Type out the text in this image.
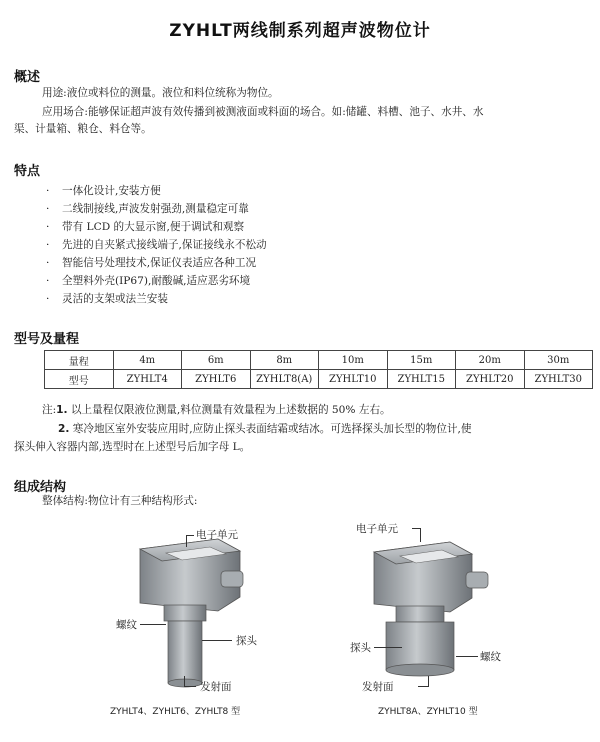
ZYHLT两线制系列超声波物位计
概述
用途:液位或料位的测量。液位和料位统称为物位。
应用场合:能够保证超声波有效传播到被测液面或料面的场合。如:储罐、料槽、池子、水井、水
渠、计量箱、粮仓、料仓等。
特点
· 一体化设计,安装方便
· 二线制接线,声波发射强劲,测量稳定可靠
· 带有 LCD 的大显示窗,便于调试和观察
· 先进的自夹紧式接线端子,保证接线永不松动
· 智能信号处理技术,保证仪表适应各种工况
· 全塑料外壳(IP67),耐酸碱,适应恶劣环境
· 灵活的支架或法兰安装
型号及量程
量程	4m	6m	8m	10m	15m	20m	30m
型号	ZYHLT4	ZYHLT6	ZYHLT8(A)	ZYHLT10	ZYHLT15	ZYHLT20	ZYHLT30
注:1. 以上量程仅限液位测量,料位测量有效量程为上述数据的 50% 左右。
2. 寒冷地区室外安装应用时,应防止探头表面结霜或结冰。可选择探头加长型的物位计,使
探头伸入容器内部,选型时在上述型号后加字母 L。
组成结构
整体结构:物位计有三种结构形式:
电子单元
螺纹
探头
发射面
ZYHLT4、ZYHLT6、ZYHLT8 型
电子单元
探头
螺纹
发射面
ZYHLT8A、ZYHLT10 型
